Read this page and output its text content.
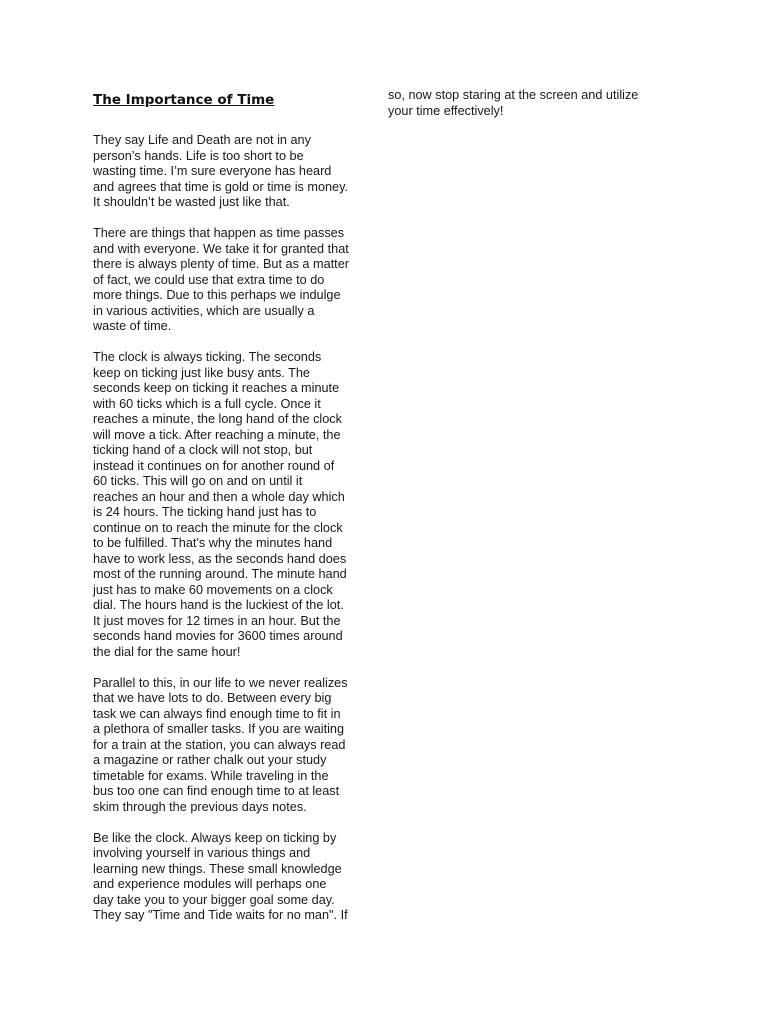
The Importance of Time
They say Life and Death are not in any
person’s hands. Life is too short to be
wasting time. I’m sure everyone has heard
and agrees that time is gold or time is money.
It shouldn’t be wasted just like that.
There are things that happen as time passes
and with everyone. We take it for granted that
there is always plenty of time. But as a matter
of fact, we could use that extra time to do
more things. Due to this perhaps we indulge
in various activities, which are usually a
waste of time.
The clock is always ticking. The seconds
keep on ticking just like busy ants. The
seconds keep on ticking it reaches a minute
with 60 ticks which is a full cycle. Once it
reaches a minute, the long hand of the clock
will move a tick. After reaching a minute, the
ticking hand of a clock will not stop, but
instead it continues on for another round of
60 ticks. This will go on and on until it
reaches an hour and then a whole day which
is 24 hours. The ticking hand just has to
continue on to reach the minute for the clock
to be fulfilled. That's why the minutes hand
have to work less, as the seconds hand does
most of the running around. The minute hand
just has to make 60 movements on a clock
dial. The hours hand is the luckiest of the lot.
It just moves for 12 times in an hour. But the
seconds hand movies for 3600 times around
the dial for the same hour!
Parallel to this, in our life to we never realizes
that we have lots to do. Between every big
task we can always find enough time to fit in
a plethora of smaller tasks. If you are waiting
for a train at the station, you can always read
a magazine or rather chalk out your study
timetable for exams. While traveling in the
bus too one can find enough time to at least
skim through the previous days notes.
Be like the clock. Always keep on ticking by
involving yourself in various things and
learning new things. These small knowledge
and experience modules will perhaps one
day take you to your bigger goal some day.
They say "Time and Tide waits for no man". If
so, now stop staring at the screen and utilize
your time effectively!
